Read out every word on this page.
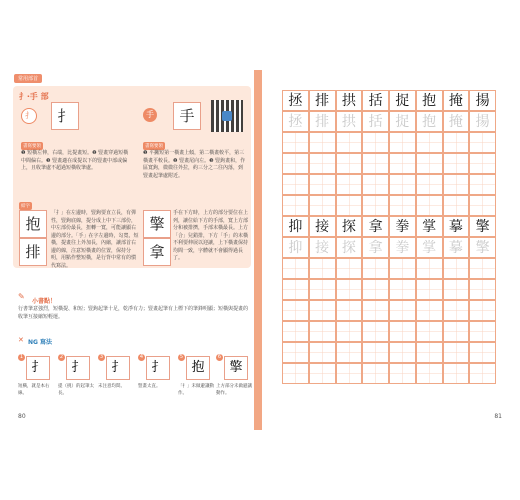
常用部首
扌‧手 部
扌	扌	手	手
書寫要領	書寫要領
❶ 短橫左伸，右端，比提畫短。❷ 豎畫穿過短橫中間偏右。❸ 豎畫適在成提以下的豎畫中部或偏上，且收筆處不超過短橫收筆處。
❶ 平撇短第一橫畫上傾，第二橫畫較平，第三橫畫平較長。❷ 豎畫尾向左。❸ 豎鉤畫和，作區寬鉤，微微往外拉，約三分之二往內落，到豎畫起筆處附近。
結字
抱
排
「扌」在左邊時，豎鉤要直立長，有彈性，豎鉤底線，提分成上中下三部份，中左部份最長，扭轉一寬，可能讓顯右邊的部分。「手」在字左邊時，勾寬，短橫，提畫往上外加長，內縮，讓部首右邊的線，注意短橫畫的位置，保持分明，用點作整短橫，是行背中常有的慣代寫法。
擎
拿
手在下方時，上方的部分要位在上列，讓位給下方的手部，寬上方部分和被排擠，手部末橫最長。上方「合」兒錯排，下方「手」的末橫不利要伸展以迎讓，上下橫畫保持均間一致，字體就不會顯得過長了。
✎
小書點！
行書筆意強烈，短橫提、和短；豎鉤起筆十足，乾淨有力；豎畫起筆有上標下的筆鋒明顯；短橫與提畫的收筆互接縮短輕運。
✕ NG 寫法
1
扌
短橫，就是本右線。
2
扌
提（挑）的起筆太長。
3
扌
末注意均間。
4
扌
豎畫太直。
5
抱
「扌」未做避讓動作。
6
擎
上方部分未做避讓動作。
80
拯 排 拱 括 捉 抱 掩 揚
拯 排 拱 括 捉 抱 掩 揚
抑 接 探 拿 拳 掌 摹 擎
抑 接 探 拿 拳 掌 摹 擎
81
